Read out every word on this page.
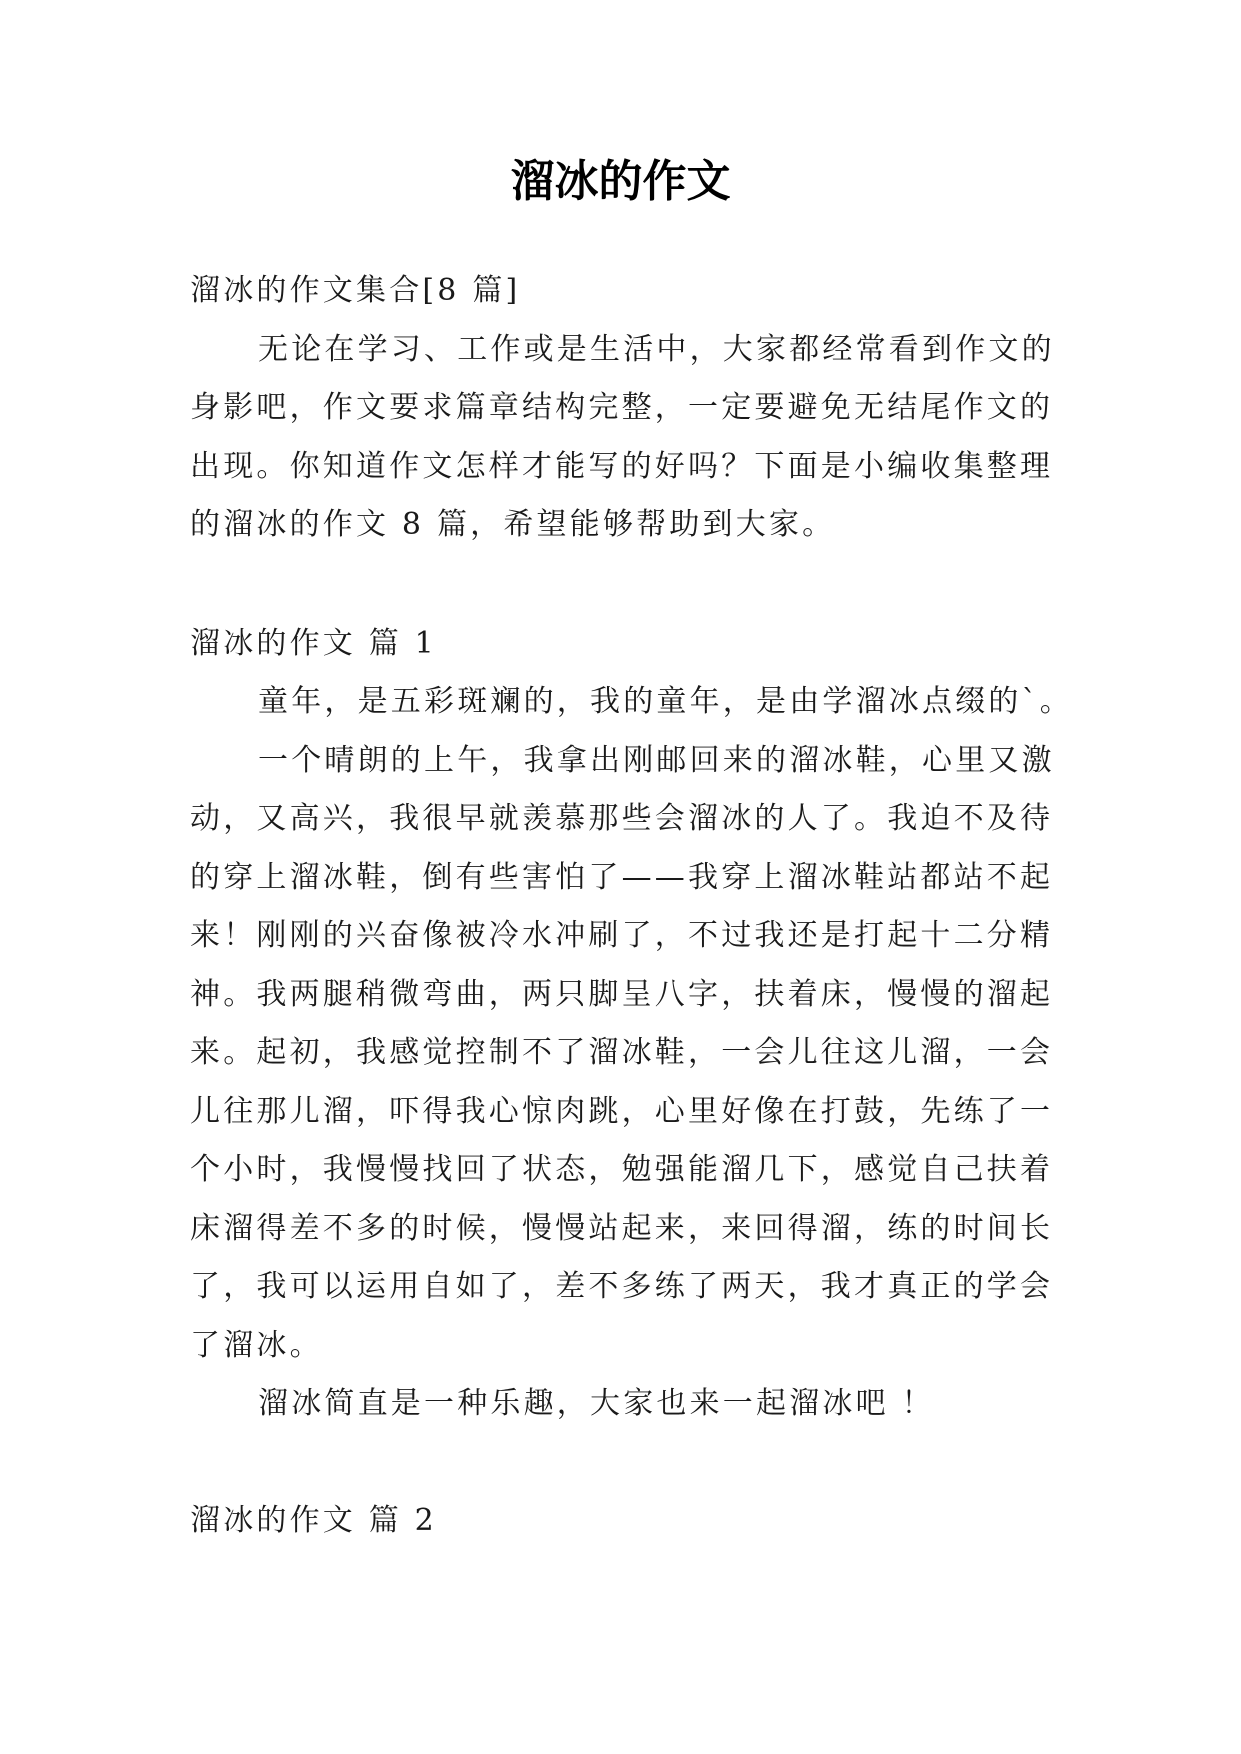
溜冰的作文
溜冰的作文集合[8 篇]
无论在学习、工作或是生活中，大家都经常看到作文的
身影吧，作文要求篇章结构完整，一定要避免无结尾作文的
出现。你知道作文怎样才能写的好吗？下面是小编收集整理
的溜冰的作文 8 篇，希望能够帮助到大家。
溜冰的作文 篇 1
童年，是五彩斑斓的，我的童年，是由学溜冰点缀的`。
一个晴朗的上午，我拿出刚邮回来的溜冰鞋，心里又激
动，又高兴，我很早就羡慕那些会溜冰的人了。我迫不及待
的穿上溜冰鞋，倒有些害怕了——我穿上溜冰鞋站都站不起
来！刚刚的兴奋像被冷水冲刷了，不过我还是打起十二分精
神。我两腿稍微弯曲，两只脚呈八字，扶着床，慢慢的溜起
来。起初，我感觉控制不了溜冰鞋，一会儿往这儿溜，一会
儿往那儿溜，吓得我心惊肉跳，心里好像在打鼓，先练了一
个小时，我慢慢找回了状态，勉强能溜几下，感觉自己扶着
床溜得差不多的时候，慢慢站起来，来回得溜，练的时间长
了，我可以运用自如了，差不多练了两天，我才真正的学会
了溜冰。
溜冰简直是一种乐趣，大家也来一起溜冰吧 ！
溜冰的作文 篇 2
